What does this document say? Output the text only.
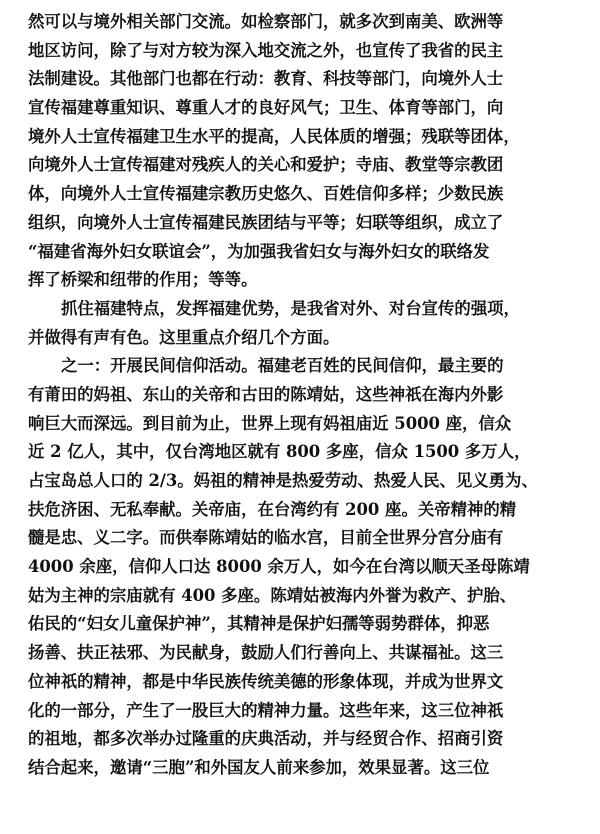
然可以与境外相关部门交流。如检察部门，就多次到南美、欧洲等
地区访问，除了与对方较为深入地交流之外，也宣传了我省的民主
法制建设。其他部门也都在行动：教育、科技等部门，向境外人士
宣传福建尊重知识、尊重人才的良好风气；卫生、体育等部门，向
境外人士宣传福建卫生水平的提高，人民体质的增强；残联等团体，
向境外人士宣传福建对残疾人的关心和爱护；寺庙、教堂等宗教团
体，向境外人士宣传福建宗教历史悠久、百姓信仰多样；少数民族
组织，向境外人士宣传福建民族团结与平等；妇联等组织，成立了
“福建省海外妇女联谊会”，为加强我省妇女与海外妇女的联络发
挥了桥梁和纽带的作用；等等。
抓住福建特点，发挥福建优势，是我省对外、对台宣传的强项，
并做得有声有色。这里重点介绍几个方面。
之一：开展民间信仰活动。福建老百姓的民间信仰，最主要的
有莆田的妈祖、东山的关帝和古田的陈靖姑，这些神祇在海内外影
响巨大而深远。到目前为止，世界上现有妈祖庙近 5000 座，信众
近 2 亿人，其中，仅台湾地区就有 800 多座，信众 1500 多万人，
占宝岛总人口的 2/3。妈祖的精神是热爱劳动、热爱人民、见义勇为、
扶危济困、无私奉献。关帝庙，在台湾约有 200 座。关帝精神的精
髓是忠、义二字。而供奉陈靖姑的临水宫，目前全世界分宫分庙有
4000 余座，信仰人口达 8000 余万人，如今在台湾以顺天圣母陈靖
姑为主神的宗庙就有 400 多座。陈靖姑被海内外誉为救产、护胎、
佑民的“妇女儿童保护神”，其精神是保护妇孺等弱势群体，抑恶
扬善、扶正祛邪、为民献身，鼓励人们行善向上、共谋福祉。这三
位神祇的精神，都是中华民族传统美德的形象体现，并成为世界文
化的一部分，产生了一股巨大的精神力量。这些年来，这三位神祇
的祖地，都多次举办过隆重的庆典活动，并与经贸合作、招商引资
结合起来，邀请“三胞”和外国友人前来参加，效果显著。这三位
